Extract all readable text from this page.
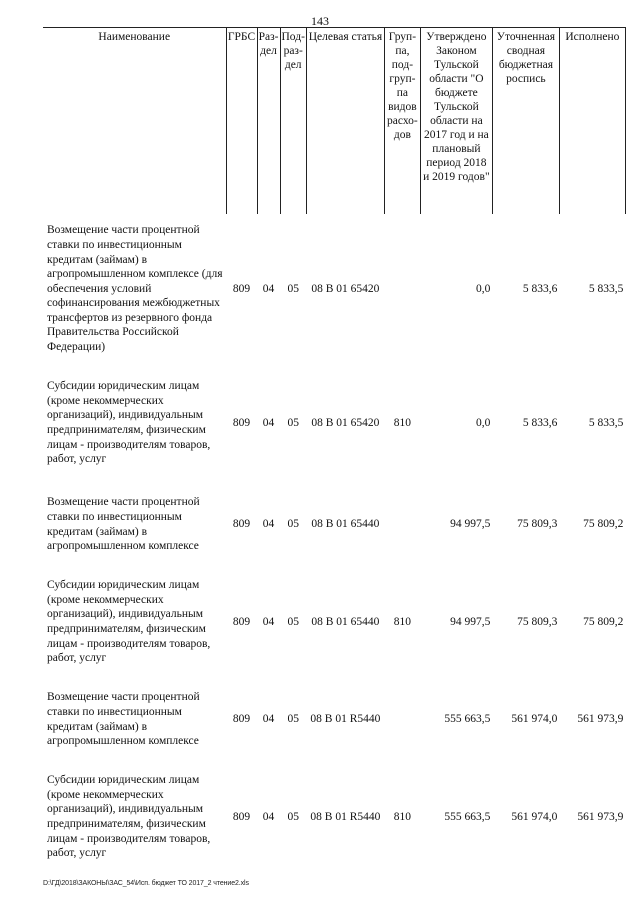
143
Наименование	ГРБС	Раз-дел	Под-раз-дел	Целевая статья	Груп-па, под-груп-па видов расхо-дов	Утверждено Законом Тульской области "О бюджете Тульской области на 2017 год и на плановый период 2018 и 2019 годов"	Уточненная сводная бюджетная роспись	Исполнено
Возмещение части процентной ставки по инвестиционным кредитам (займам) в агропромышленном комплексе (для обеспечения условий софинансирования межбюджетных трансфертов из резервного фонда Правительства Российской Федерации)	809	04	05	08 В 01 65420		0,0	5 833,6	5 833,5
Субсидии юридическим лицам (кроме некоммерческих организаций), индивидуальным предпринимателям, физическим лицам - производителям товаров, работ, услуг	809	04	05	08 В 01 65420	810	0,0	5 833,6	5 833,5
Возмещение части процентной ставки по инвестиционным кредитам (займам) в агропромышленном комплексе	809	04	05	08 В 01 65440		94 997,5	75 809,3	75 809,2
Субсидии юридическим лицам (кроме некоммерческих организаций), индивидуальным предпринимателям, физическим лицам - производителям товаров, работ, услуг	809	04	05	08 В 01 65440	810	94 997,5	75 809,3	75 809,2
Возмещение части процентной ставки по инвестиционным кредитам (займам) в агропромышленном комплексе	809	04	05	08 В 01 R5440		555 663,5	561 974,0	561 973,9
Субсидии юридическим лицам (кроме некоммерческих организаций), индивидуальным предпринимателям, физическим лицам - производителям товаров, работ, услуг	809	04	05	08 В 01 R5440	810	555 663,5	561 974,0	561 973,9
D:\ГД\2018\ЗАКОНЫ\ЗАС_54\Исп. бюджет ТО 2017_2 чтение2.xls
